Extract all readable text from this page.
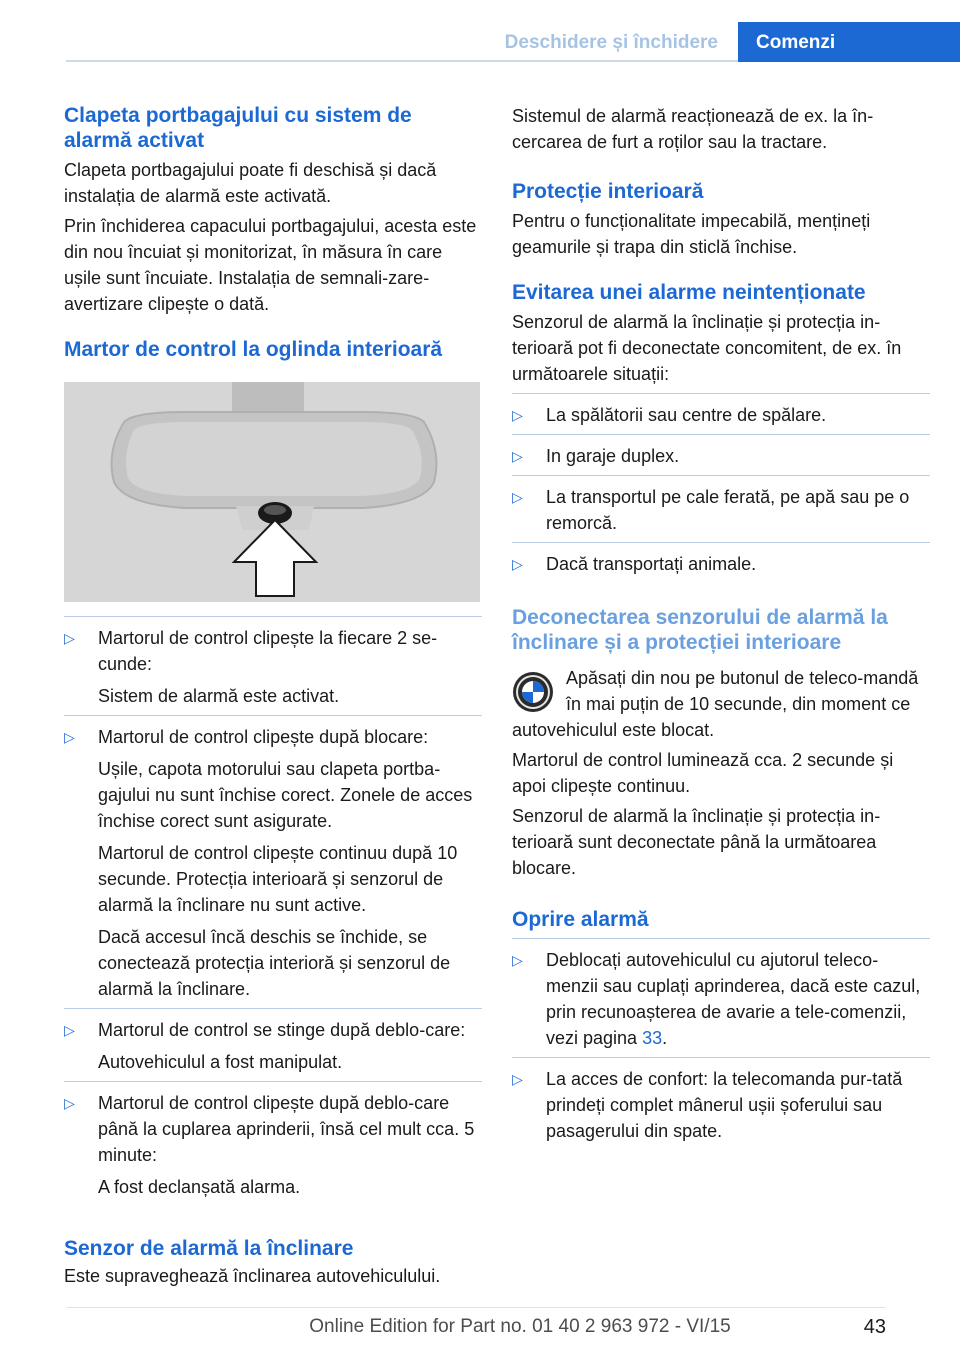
Deschidere și închidere	Comenzi
Clapeta portbagajului cu sistem de alarmă activat

Clapeta portbagajului poate fi deschisă și dacă instalația de alarmă este activată.

Prin închiderea capacului portbagajului, acesta este din nou încuiat și monitorizat, în măsura în care ușile sunt încuiate. Instalația de semnali‐zare-avertizare clipește o dată.

Martor de control la oglinda interioară
▷ Martorul de control clipește la fiecare 2 se‐cunde:

Sistem de alarmă este activat.

▷ Martorul de control clipește după blocare:

Ușile, capota motorului sau clapeta portba‐gajului nu sunt închise corect. Zonele de acces închise corect sunt asigurate.

Martorul de control clipește continuu după 10 secunde. Protecția interioară și senzorul de alarmă la înclinare nu sunt active.

Dacă accesul încă deschis se închide, se conectează protecția interioră și senzorul de alarmă la înclinare.

▷ Martorul de control se stinge după deblo‐care:

Autovehiculul a fost manipulat.

▷ Martorul de control clipește după deblo‐care până la cuplarea aprinderii, însă cel mult cca. 5 minute:

A fost declanșată alarma.

Senzor de alarmă la înclinare

Este supraveghează înclinarea autovehiculului.

Sistemul de alarmă reacționează de ex. la în‐cercarea de furt a roților sau la tractare.

Protecție interioară

Pentru o funcționalitate impecabilă, mențineți geamurile și trapa din sticlă închise.

Evitarea unei alarme neintenționate

Senzorul de alarmă la înclinație și protecția in‐terioară pot fi deconectate concomitent, de ex. în următoarele situații:

▷ La spălătorii sau centre de spălare.

▷ In garaje duplex.

▷ La transportul pe cale ferată, pe apă sau pe o remorcă.

▷ Dacă transportați animale.

Deconectarea senzorului de alarmă la înclinare și a protecției interioare

Apăsați din nou pe butonul de teleco‐mandă în mai puțin de 10 secunde, din moment ce autovehiculul este blocat.

Martorul de control luminează cca. 2 secunde și apoi clipește continuu.

Senzorul de alarmă la înclinație și protecția in‐terioară sunt deconectate până la următoarea blocare.

Oprire alarmă
▷ Deblocați autovehiculul cu ajutorul teleco‐menzii sau cuplați aprinderea, dacă este cazul, prin recunoașterea de avarie a tele‐comenzii, vezi pagina 33.

▷ La acces de confort: la telecomanda pur‐tată prindeți complet mânerul ușii șoferului sau pasagerului din spate.

Online Edition for Part no. 01 40 2 963 972 - VI/15	43
